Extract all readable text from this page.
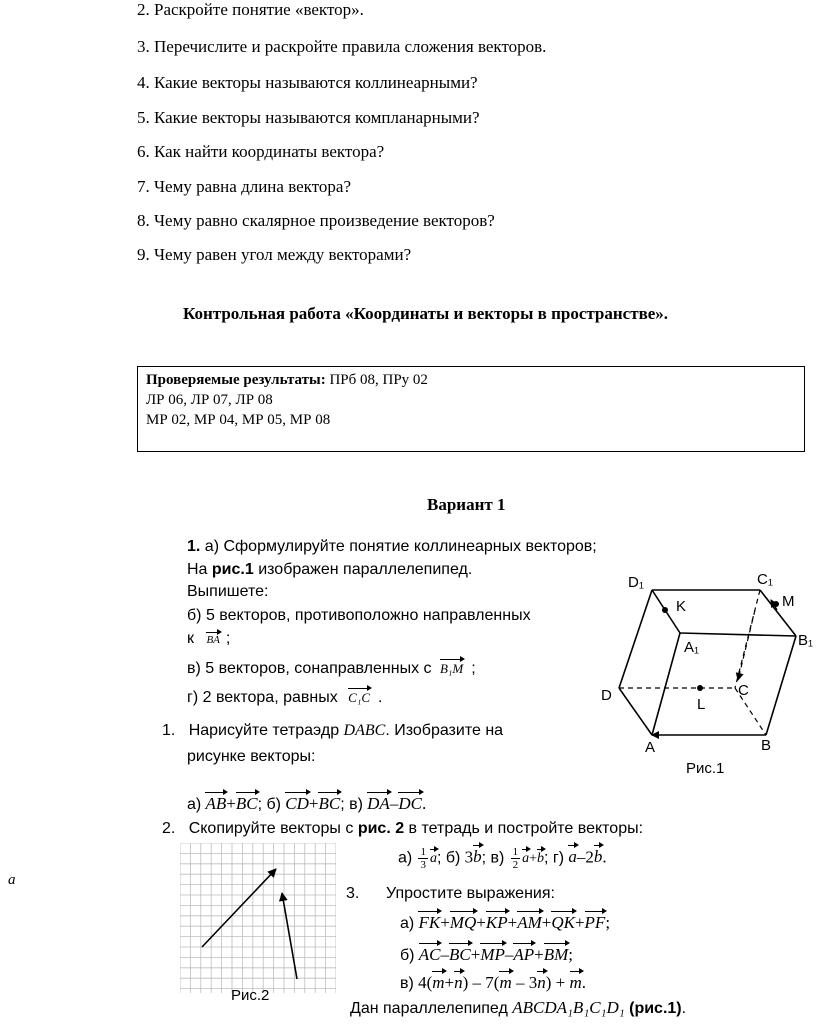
2. Раскройте понятие «вектор».
3. Перечислите и раскройте правила сложения векторов.
4. Какие векторы называются коллинеарными?
5. Какие векторы называются компланарными?
6. Как найти координаты вектора?
7. Чему равна длина вектора?
8. Чему равно скалярное произведение векторов?
9. Чему равен угол между векторами?
Контрольная работа «Координаты и векторы в пространстве».
Проверяемые результаты: ПРб 08, ПРу 02
ЛР 06, ЛР 07, ЛР 08
МР 02, МР 04, МР 05, МР 08
Вариант 1
1. а) Сформулируйте понятие коллинеарных векторов;
На рис.1 изображен параллелепипед.
Выпишете:
б) 5 векторов, противоположно направленных
к BA ;
в) 5 векторов, сонаправленных с B₁M ;
г) 2 вектора, равных C₁C .
D₁	C₁
K	M
A₁	B₁
D	C
L
A	B
Рис.1
1. Нарисуйте тетраэдр DABC. Изобразите на
рисунке векторы:
а) AB+BC; б) CD+BC; в) DA–DC.
2. Скопируйте векторы с рис. 2 в тетрадь и постройте векторы:
$а) \frac{1}{3} a$; б) 3b; $в) \frac{1}{2} a+b$; г) a–2b.
Рис.2
a
3. Упростите выражения:
а) FK+MQ+KP+AM+QK+PF;
б) AC–BC+MP–AP+BM;
в) 4(m+n) – 7(m – 3n) + m.
Дан параллелепипед ABCDA₁B₁C₁D₁ (рис.1).
